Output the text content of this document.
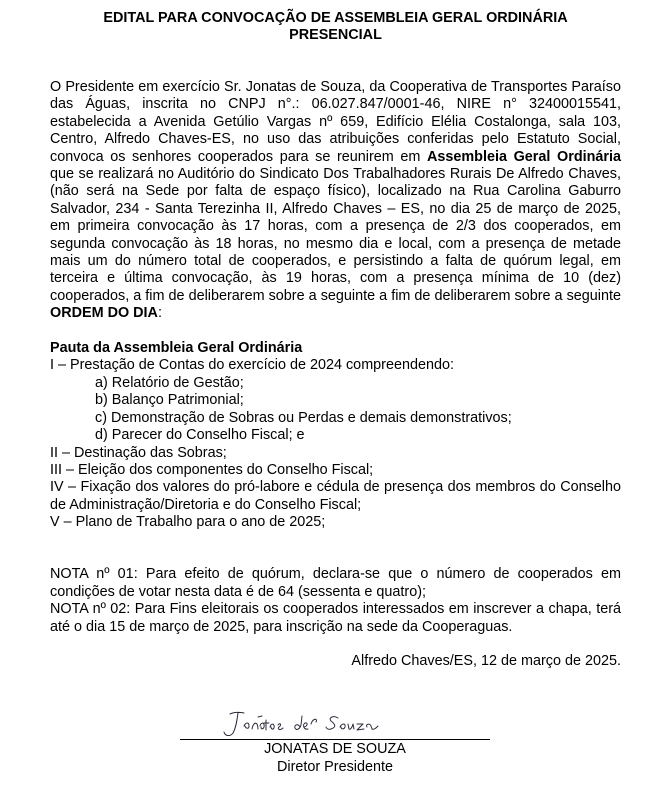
EDITAL PARA CONVOCAÇÃO DE ASSEMBLEIA GERAL ORDINÁRIA
PRESENCIAL

O Presidente em exercício Sr. Jonatas de Souza, da Cooperativa de Transportes Paraíso das Águas, inscrita no CNPJ n°.: 06.027.847/0001-46, NIRE n° 32400015541, estabelecida a Avenida Getúlio Vargas nº 659, Edifício Elélia Costalonga, sala 103, Centro, Alfredo Chaves-ES, no uso das atribuições conferidas pelo Estatuto Social, convoca os senhores cooperados para se reunirem em Assembleia Geral Ordinária que se realizará no Auditório do Sindicato Dos Trabalhadores Rurais De Alfredo Chaves, (não será na Sede por falta de espaço físico), localizado na Rua Carolina Gaburro Salvador, 234 - Santa Terezinha II, Alfredo Chaves – ES, no dia 25 de março de 2025, em primeira convocação às 17 horas, com a presença de 2/3 dos cooperados, em segunda convocação às 18 horas, no mesmo dia e local, com a presença de metade mais um do número total de cooperados, e persistindo a falta de quórum legal, em terceira e última convocação, às 19 horas, com a presença mínima de 10 (dez) cooperados, a fim de deliberarem sobre a seguinte a fim de deliberarem sobre a seguinte ORDEM DO DIA:

Pauta da Assembleia Geral Ordinária

I – Prestação de Contas do exercício de 2024 compreendendo:

a) Relatório de Gestão;

b) Balanço Patrimonial;

c) Demonstração de Sobras ou Perdas e demais demonstrativos;

d) Parecer do Conselho Fiscal; e

II – Destinação das Sobras;

III – Eleição dos componentes do Conselho Fiscal;

IV – Fixação dos valores do pró-labore e cédula de presença dos membros do Conselho de Administração/Diretoria e do Conselho Fiscal;

V – Plano de Trabalho para o ano de 2025;

NOTA nº 01: Para efeito de quórum, declara-se que o número de cooperados em condições de votar nesta data é de 64 (sessenta e quatro);

NOTA nº 02: Para Fins eleitorais os cooperados interessados em inscrever a chapa, terá até o dia 15 de março de 2025, para inscrição na sede da Cooperaguas.

Alfredo Chaves/ES, 12 de março de 2025.

JONATAS DE SOUZA
Diretor Presidente
